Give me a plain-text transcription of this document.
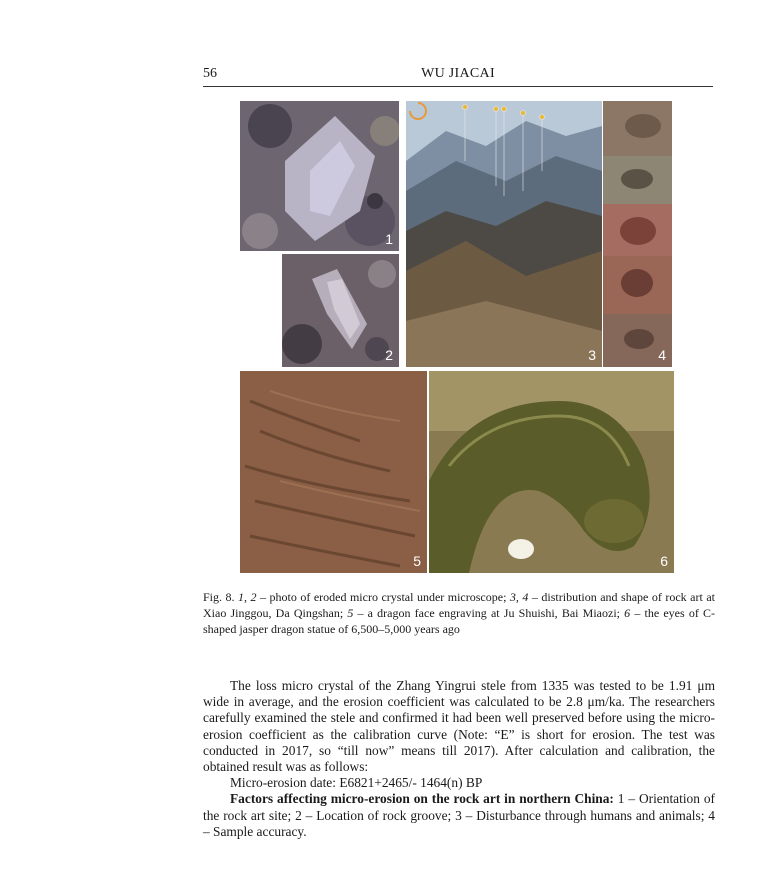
56	WU JIACAI
1
2	3	4
5	6
Fig. 8. 1, 2 – photo of eroded micro crystal under microscope; 3, 4 – distribution and shape of rock art at Xiao Jinggou, Da Qingshan; 5 – a dragon face engraving at Ju Shuishi, Bai Miaozi; 6 – the eyes of C-shaped jasper dragon statue of 6,500–5,000 years ago

The loss micro crystal of the Zhang Yingrui stele from 1335 was tested to be 1.91 μm wide in average, and the erosion coefficient was calculated to be 2.8 μm/ka. The researchers carefully examined the stele and confirmed it had been well preserved before using the micro-erosion coefficient as the calibration curve (Note: “E” is short for erosion. The test was conducted in 2017, so “till now” means till 2017). After calculation and calibration, the obtained result was as follows:

Micro-erosion date: E6821+2465/- 1464(n) BP

Factors affecting micro-erosion on the rock art in northern China: 1 – Orientation of the rock art site; 2 – Location of rock groove; 3 – Disturbance through humans and animals; 4 – Sample accuracy.
